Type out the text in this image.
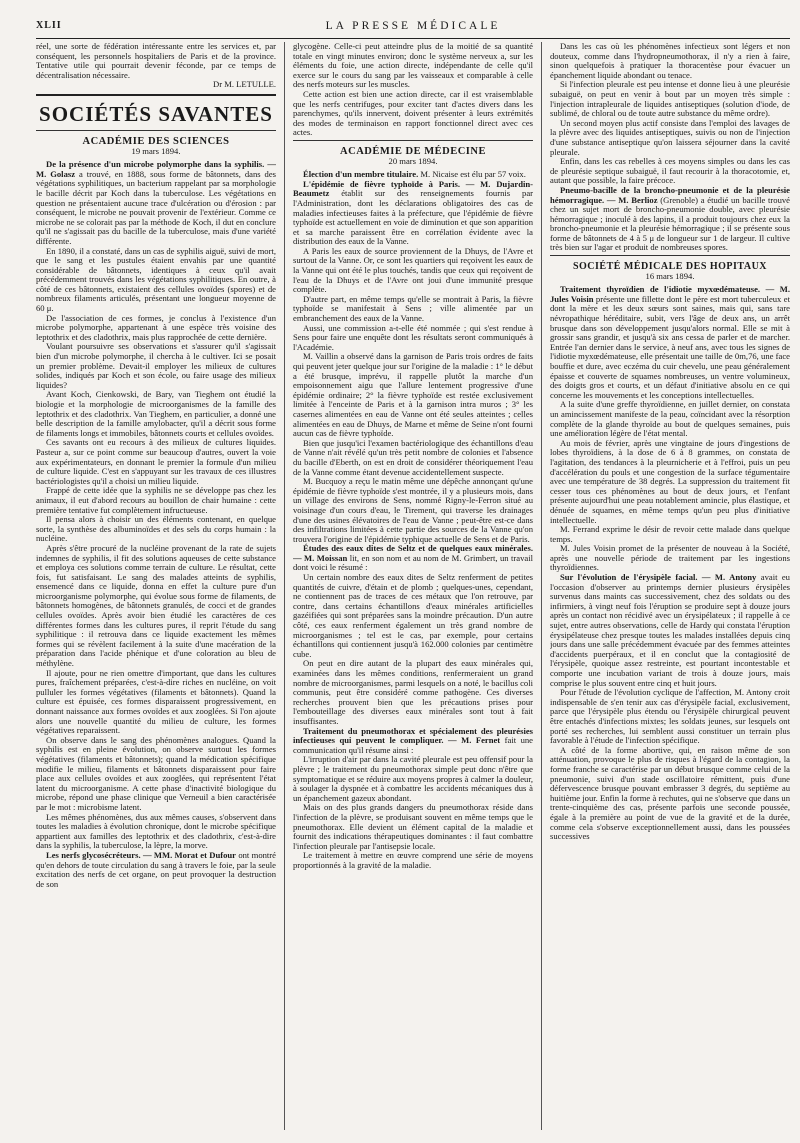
XLII	LA PRESSE MÉDICALE

réel, une sorte de fédération intéressante entre les services et, par conséquent, les personnels hospitaliers de Paris et de la province. Tentative utile qui pourrait devenir féconde, par ce temps de décentralisation nécessaire.

Dr M. LETULLE.

SOCIÉTÉS SAVANTES
ACADÉMIE DES SCIENCES
19 mars 1894.

De la présence d'un microbe polymorphe dans la syphilis. — M. Golasz a trouvé, en 1888, sous forme de bâtonnets, dans des végétations syphilitiques, un bacterium rappelant par sa morphologie le bacille décrit par Koch dans la tuberculose. Les végétations en question ne présentaient aucune trace d'ulcération ou d'érosion : par conséquent, le microbe ne pouvait provenir de l'extérieur. Comme ce microbe ne se colorait pas par la méthode de Koch, il dut en conclure qu'il ne s'agissait pas du bacille de la tuberculose, mais d'une variété différente.

En 1890, il a constaté, dans un cas de syphilis aiguë, suivi de mort, que le sang et les pustules étaient envahis par une quantité considérable de bâtonnets, identiques à ceux qu'il avait précédemment trouvés dans les végétations syphilitiques. En outre, à côté de ces bâtonnets, existaient des cellules ovoïdes (spores) et de nombreux filaments articulés, présentant une longueur moyenne de 60 μ.

De l'association de ces formes, je conclus à l'existence d'un microbe polymorphe, appartenant à une espèce très voisine des leptothrix et des cladothrix, mais plus rapprochée de cette dernière.

Voulant poursuivre ses observations et s'assurer qu'il s'agissait bien d'un microbe polymorphe, il chercha à le cultiver. Ici se posait un premier problème. Devait-il employer les milieux de cultures solides, indiqués par Koch et son école, ou faire usage des milieux liquides?

Avant Koch, Cienkowski, de Bary, van Tieghem ont étudié la biologie et la morphologie de microorganismes de la famille des leptothrix et des cladothrix. Van Tieghem, en particulier, a donné une belle description de la famille amylobacter, qu'il a décrit sous forme de filaments longs et immobiles, bâtonnets courts et cellules ovoïdes.

Ces savants ont eu recours à des milieux de cultures liquides. Pasteur a, sur ce point comme sur beaucoup d'autres, ouvert la voie aux expérimentateurs, en donnant le premier la formule d'un milieu de culture liquide. C'est en s'appuyant sur les travaux de ces illustres bactériologistes qu'il a choisi un milieu liquide.

Frappé de cette idée que la syphilis ne se développe pas chez les animaux, il eut d'abord recours au bouillon de chair humaine : cette première tentative fut complètement infructueuse.

Il pensa alors à choisir un des éléments contenant, en quelque sorte, la synthèse des albuminoïdes et des sels du corps humain : la nucléine.

Après s'être procuré de la nucléine provenant de la rate de sujets indemnes de syphilis, il fit des solutions aqueuses de cette substance et employa ces solutions comme terrain de culture. Le résultat, cette fois, fut satisfaisant. Le sang des malades atteints de syphilis, ensemencé dans ce liquide, donna en effet la culture pure d'un microorganisme polymorphe, qui évolue sous forme de filaments, de bâtonnets homogènes, de bâtonnets granulés, de cocci et de grandes cellules ovoïdes. Après avoir bien étudié les caractères de ces différentes formes dans les cultures pures, il reprit l'étude du sang syphilitique : il retrouva dans ce liquide exactement les mêmes formes qui se révèlent facilement à la suite d'une macération de la préparation dans l'acide phénique et d'une coloration au bleu de méthylène.

Il ajoute, pour ne rien omettre d'important, que dans les cultures pures, fraîchement préparées, c'est-à-dire riches en nucléine, on voit pulluler les formes végétatives (filaments et bâtonnets). Quand la culture est épuisée, ces formes disparaissent progressivement, en donnant naissance aux formes ovoïdes et aux zooglées. Si l'on ajoute alors une nouvelle quantité du milieu de culture, les formes végétatives reparaissent.

On observe dans le sang des phénomènes analogues. Quand la syphilis est en pleine évolution, on observe surtout les formes végétatives (filaments et bâtonnets); quand la médication spécifique modifie le milieu, filaments et bâtonnets disparaissent pour faire place aux cellules ovoïdes et aux zooglées, qui représentent l'état latent du microorganisme. A cette phase d'inactivité biologique du microbe, répond une phase clinique que Verneuil a bien caractérisée par le mot : microbisme latent.

Les mêmes phénomènes, dus aux mêmes causes, s'observent dans toutes les maladies à évolution chronique, dont le microbe spécifique appartient aux familles des leptothrix et des cladothrix, c'est-à-dire dans la syphilis, la tuberculose, la lèpre, la morve.

Les nerfs glycosécréteurs. — MM. Morat et Dufour ont montré qu'en dehors de toute circulation du sang à travers le foie, par la seule excitation des nerfs de cet organe, on peut provoquer la destruction de son

glycogène. Celle-ci peut atteindre plus de la moitié de sa quantité totale en vingt minutes environ; donc le système nerveux a, sur les éléments du foie, une action directe, indépendante de celle qu'il exerce sur le cours du sang par les vaisseaux et comparable à celle des nerfs moteurs sur les muscles.

Cette action est bien une action directe, car il est vraisemblable que les nerfs centrifuges, pour exciter tant d'actes divers dans les parenchymes, qu'ils innervent, doivent présenter à leurs extrémités des modes de terminaison en rapport fonctionnel direct avec ces actes.

ACADÉMIE DE MÉDECINE
20 mars 1894.

Élection d'un membre titulaire. M. Nicaise est élu par 57 voix.

L'épidémie de fièvre typhoïde à Paris. — M. Dujardin-Beaumetz établit sur des renseignements fournis par l'Administration, dont les déclarations obligatoires des cas de maladies infectieuses faites à la préfecture, que l'épidémie de fièvre typhoïde est actuellement en voie de diminution et que son apparition et sa marche paraissent être en corrélation évidente avec la distribution des eaux de la Vanne.

A Paris les eaux de source proviennent de la Dhuys, de l'Avre et surtout de la Vanne. Or, ce sont les quartiers qui reçoivent les eaux de la Vanne qui ont été le plus touchés, tandis que ceux qui reçoivent de l'eau de la Dhuys et de l'Avre ont joui d'une immunité presque complète.

D'autre part, en même temps qu'elle se montrait à Paris, la fièvre typhoïde se manifestait à Sens ; ville alimentée par un embranchement des eaux de la Vanne.

Aussi, une commission a-t-elle été nommée ; qui s'est rendue à Sens pour faire une enquête dont les résultats seront communiqués à l'Académie.

M. Vaillin a observé dans la garnison de Paris trois ordres de faits qui peuvent jeter quelque jour sur l'origine de la maladie : 1° le début a été brusque, imprévu, il rappelle plutôt la marche d'un empoisonnement aigu que l'allure lentement progressive d'une épidémie ordinaire; 2° la fièvre typhoïde est restée exclusivement limitée à l'enceinte de Paris et à la garnison intra muros ; 3° les casernes alimentées en eau de Vanne ont été seules atteintes ; celles alimentées en eau de Dhuys, de Marne et même de Seine n'ont fourni aucun cas de fièvre typhoïde.

Bien que jusqu'ici l'examen bactériologique des échantillons d'eau de Vanne n'ait révélé qu'un très petit nombre de colonies et l'absence du bacille d'Eberth, on est en droit de considérer théoriquement l'eau de la Vanne comme étant devenue accidentellement suspecte.

M. Bucquoy a reçu le matin même une dépêche annonçant qu'une épidémie de fièvre typhoïde s'est montrée, il y a plusieurs mois, dans un village des environs de Sens, nommé Rigny-le-Ferron situé au voisinage d'un cours d'eau, le Tirement, qui traverse les drainages d'une des usines élévatoires de l'eau de Vanne ; peut-être est-ce dans des infiltrations limitées à cette partie des sources de la Vanne qu'on trouvera l'origine de l'épidémie typhique actuelle de Sens et de Paris.

Études des eaux dites de Seltz et de quelques eaux minérales. — M. Moissan lit, en son nom et au nom de M. Grimbert, un travail dont voici le résumé :

Un certain nombre des eaux dites de Seltz renferment de petites quantités de cuivre, d'étain et de plomb ; quelques-unes, cependant, ne contiennent pas de traces de ces métaux que l'on retrouve, par contre, dans certains échantillons d'eaux minérales artificielles gazéifiées qui sont préparées sans la moindre précaution. D'un autre côté, ces eaux renferment également un très grand nombre de microorganismes ; tel est le cas, par exemple, pour certains échantillons qui contiennent jusqu'à 162.000 colonies par centimètre cube.

On peut en dire autant de la plupart des eaux minérales qui, examinées dans les mêmes conditions, renfermeraient un grand nombre de microorganismes, parmi lesquels on a noté, le bacillus coli communis, peut être considéré comme pathogène. Ces diverses recherches prouvent bien que les précautions prises pour l'embouteillage des diverses eaux minérales sont tout à fait insuffisantes.

Traitement du pneumothorax et spécialement des pleurésies infectieuses qui peuvent le compliquer. — M. Fernet fait une communication qu'il résume ainsi :

L'irruption d'air par dans la cavité pleurale est peu offensif pour la plèvre ; le traitement du pneumothorax simple peut donc n'être que symptomatique et se réduire aux moyens propres à calmer la douleur, à soulager la dyspnée et à combattre les accidents mécaniques dus à un épanchement gazeux abondant.

Mais on des plus grands dangers du pneumothorax réside dans l'infection de la plèvre, se produisant souvent en même temps que le pneumothorax. Elle devient un élément capital de la maladie et fournit des indications thérapeutiques dominantes : il faut combattre l'infection pleurale par l'antisepsie locale.

Le traitement à mettre en œuvre comprend une série de moyens proportionnés à la gravité de la maladie.

Dans les cas où les phénomènes infectieux sont légers et non douteux, comme dans l'hydropneumothorax, il n'y a rien à faire, sinon quelquefois à pratiquer la thoracentèse pour évacuer un épanchement liquide abondant ou tenace.

Si l'infection pleurale est peu intense et donne lieu à une pleurésie subaiguë, on peut en venir à bout par un moyen très simple : l'injection intrapleurale de liquides antiseptiques (solution d'iode, de sublimé, de chloral ou de toute autre substance du même ordre).

Un second moyen plus actif consiste dans l'emploi des lavages de la plèvre avec des liquides antiseptiques, suivis ou non de l'injection d'une substance antiseptique qu'on laissera séjourner dans la cavité pleurale.

Enfin, dans les cas rebelles à ces moyens simples ou dans les cas de pleurésie septique subaiguë, il faut recourir à la thoracotomie, et, autant que possible, la faire précoce.

Pneumo-bacille de la broncho-pneumonie et de la pleurésie hémorragique. — M. Berlioz (Grenoble) a étudié un bacille trouvé chez un sujet mort de broncho-pneumonie double, avec pleurésie hémorragique ; inoculé à des lapins, il a produit toujours chez eux la broncho-pneumonie et la pleurésie hémorragique ; il se présente sous forme de bâtonnets de 4 à 5 μ de longueur sur 1 de largeur. Il cultive très bien sur l'agar et produit de nombreuses spores.

SOCIÉTÉ MÉDICALE DES HOPITAUX
16 mars 1894.

Traitement thyroïdien de l'idiotie myxœdémateuse. — M. Jules Voisin présente une fillette dont le père est mort tuberculeux et dont la mère et les deux sœurs sont saines, mais qui, sans tare névropathique héréditaire, subit, vers l'âge de deux ans, un arrêt brusque dans son développement jusqu'alors normal. Elle se mit à grossir sans grandir, et jusqu'à six ans cessa de parler et de marcher. Entrée l'an dernier dans le service, à neuf ans, avec tous les signes de l'idiotie myxœdémateuse, elle présentait une taille de 0m,76, une face bouffie et dure, avec eczéma du cuir chevelu, une peau généralement épaisse et couverte de squames nombreuses, un ventre volumineux, des doigts gros et courts, et un défaut d'initiative absolu en ce qui concerne les mouvements et les conceptions intellectuelles.

A la suite d'une greffe thyroïdienne, en juillet dernier, on constata un amincissement manifeste de la peau, coïncidant avec la résorption complète de la glande thyroïde au bout de quelques semaines, puis une amélioration légère de l'état mental.

Au mois de février, après une vingtaine de jours d'ingestions de lobes thyroïdiens, à la dose de 6 à 8 grammes, on constata de l'agitation, des tendances à la pleurnicherie et à l'effroi, puis un peu d'accélération du pouls et une congestion de la surface tégumentaire avec une température de 38 degrés. La suppression du traitement fit cesser tous ces phénomènes au bout de deux jours, et l'enfant présente aujourd'hui une peau notablement amincie, plus élastique, et dénuée de squames, en même temps qu'un peu plus d'initiative intellectuelle.

M. Ferrand exprime le désir de revoir cette malade dans quelque temps.

M. Jules Voisin promet de la présenter de nouveau à la Société, après une nouvelle période de traitement par les ingestions thyroïdiennes.

Sur l'évolution de l'érysipèle facial. — M. Antony avait eu l'occasion d'observer au printemps dernier plusieurs érysipèles survenus dans maints cas successivement, chez des soldats ou des infirmiers, à vingt neuf fois l'éruption se produire sept à douze jours après un contact non récidivé avec un érysipélateux ; il rappelle à ce sujet, entre autres observations, celle de Hardy qui constata l'éruption érysipélateuse chez presque toutes les malades installées depuis cinq jours dans une salle précédemment évacuée par des femmes atteintes d'accidents puerpéraux, et il en conclut que la contagiosité de l'érysipèle, quoique assez restreinte, est pourtant incontestable et comporte une incubation variant de trois à douze jours, mais comprise le plus souvent entre cinq et huit jours.

Pour l'étude de l'évolution cyclique de l'affection, M. Antony croit indispensable de s'en tenir aux cas d'érysipèle facial, exclusivement, parce que l'érysipèle plus étendu ou l'érysipèle chirurgical peuvent être entachés d'infections mixtes; les soldats jeunes, sur lesquels ont porté ses recherches, lui semblent aussi constituer un terrain plus favorable à l'étude de l'infection spécifique.

A côté de la forme abortive, qui, en raison même de son atténuation, provoque le plus de risques à l'égard de la contagion, la forme franche se caractérise par un début brusque comme celui de la pneumonie, suivi d'un stade oscillatoire rémittent, puis d'une défervescence brusque pouvant embrasser 3 degrés, du septième au huitième jour. Enfin la forme à rechutes, qui ne s'observe que dans un trente-cinquième des cas, présente parfois une seconde poussée, égale à la première au point de vue de la gravité et de la durée, comme cela s'observe exceptionnellement aussi, dans les poussées successives
